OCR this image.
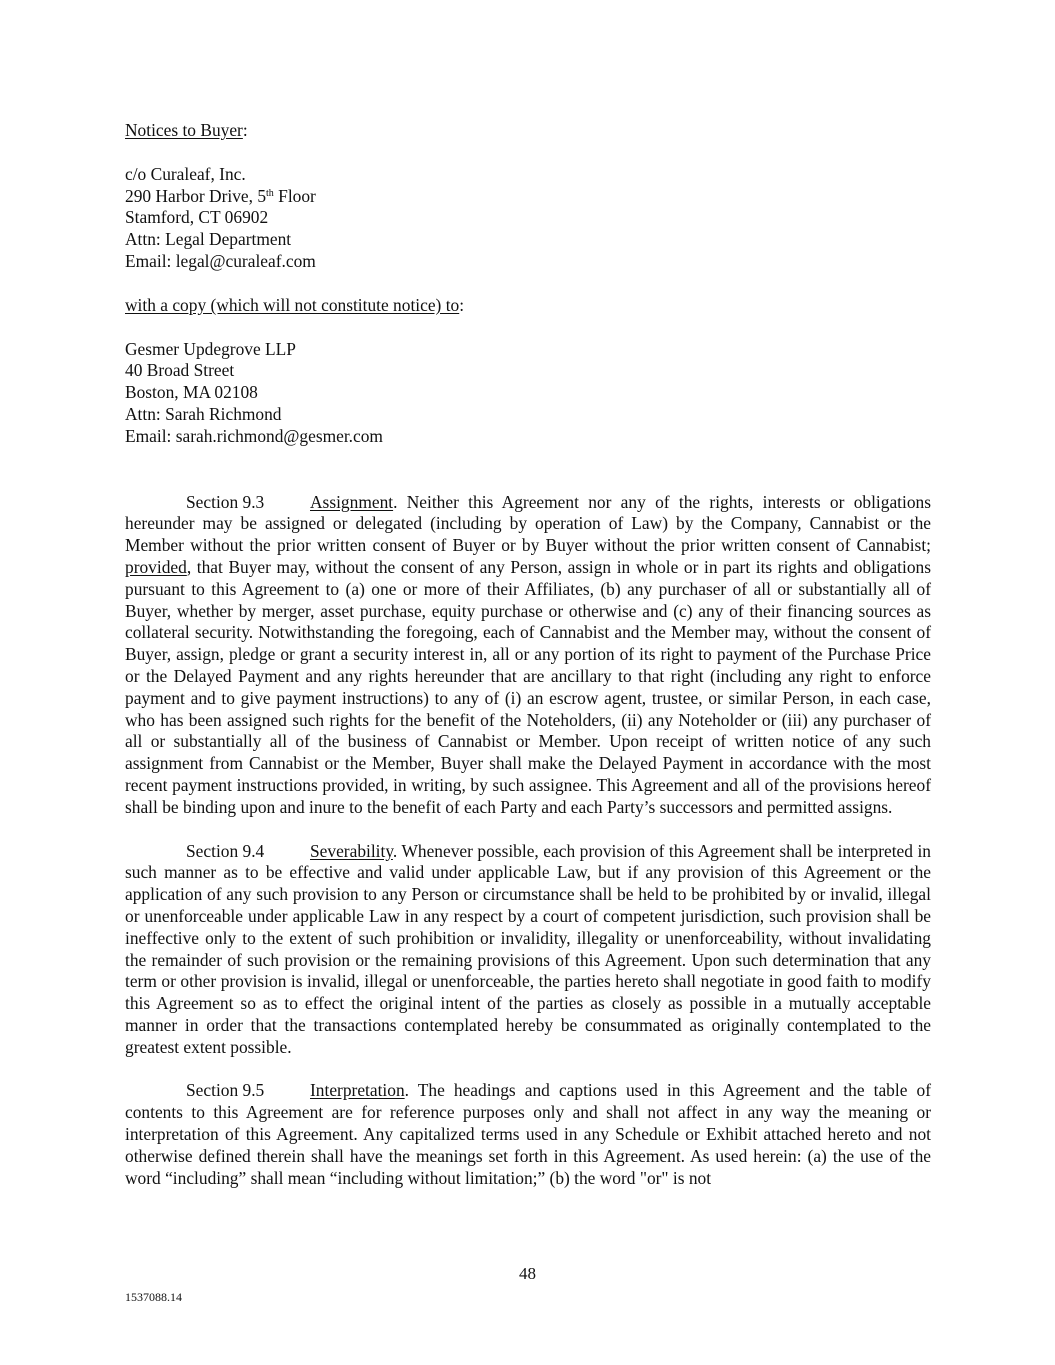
Notices to Buyer:
c/o Curaleaf, Inc.
290 Harbor Drive, 5th Floor
Stamford, CT 06902
Attn: Legal Department
Email: legal@curaleaf.com
with a copy (which will not constitute notice) to:
Gesmer Updegrove LLP
40 Broad Street
Boston, MA 02108
Attn: Sarah Richmond
Email: sarah.richmond@gesmer.com

Section 9.3	Assignment. Neither this Agreement nor any of the rights, interests or obligations hereunder may be assigned or delegated (including by operation of Law) by the Company, Cannabist or the Member without the prior written consent of Buyer or by Buyer without the prior written consent of Cannabist; provided, that Buyer may, without the consent of any Person, assign in whole or in part its rights and obligations pursuant to this Agreement to (a) one or more of their Affiliates, (b) any purchaser of all or substantially all of Buyer, whether by merger, asset purchase, equity purchase or otherwise and (c) any of their financing sources as collateral security. Notwithstanding the foregoing, each of Cannabist and the Member may, without the consent of Buyer, assign, pledge or grant a security interest in, all or any portion of its right to payment of the Purchase Price or the Delayed Payment and any rights hereunder that are ancillary to that right (including any right to enforce payment and to give payment instructions) to any of (i) an escrow agent, trustee, or similar Person, in each case, who has been assigned such rights for the benefit of the Noteholders, (ii) any Noteholder or (iii) any purchaser of all or substantially all of the business of Cannabist or Member. Upon receipt of written notice of any such assignment from Cannabist or the Member, Buyer shall make the Delayed Payment in accordance with the most recent payment instructions provided, in writing, by such assignee. This Agreement and all of the provisions hereof shall be binding upon and inure to the benefit of each Party and each Party’s successors and permitted assigns.

Section 9.4	Severability. Whenever possible, each provision of this Agreement shall be interpreted in such manner as to be effective and valid under applicable Law, but if any provision of this Agreement or the application of any such provision to any Person or circumstance shall be held to be prohibited by or invalid, illegal or unenforceable under applicable Law in any respect by a court of competent jurisdiction, such provision shall be ineffective only to the extent of such prohibition or invalidity, illegality or unenforceability, without invalidating the remainder of such provision or the remaining provisions of this Agreement. Upon such determination that any term or other provision is invalid, illegal or unenforceable, the parties hereto shall negotiate in good faith to modify this Agreement so as to effect the original intent of the parties as closely as possible in a mutually acceptable manner in order that the transactions contemplated hereby be consummated as originally contemplated to the greatest extent possible.

Section 9.5	Interpretation. The headings and captions used in this Agreement and the table of contents to this Agreement are for reference purposes only and shall not affect in any way the meaning or interpretation of this Agreement. Any capitalized terms used in any Schedule or Exhibit attached hereto and not otherwise defined therein shall have the meanings set forth in this Agreement. As used herein: (a) the use of the word “including” shall mean “including without limitation;” (b) the word "or" is not

48
1537088.14
